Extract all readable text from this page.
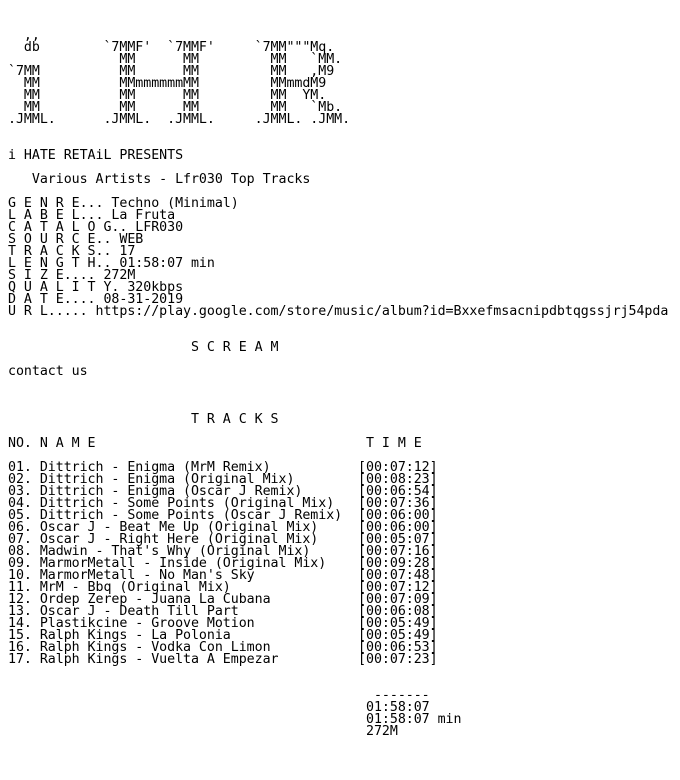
,,
db        `7MMF'  `7MMF'     `7MM"""Mq.
MM      MM         MM   `MM.
`7MM          MM      MM         MM   ,M9
MM          MMmmmmmmMM         MMmmdM9
MM          MM      MM         MM  YM.
MM          MM      MM         MM   `Mb.
.JMML.      .JMML.  .JMML.     .JMML. .JMM.
i HATE RETAiL PRESENTS
Various Artists - Lfr030 Top Tracks
G E N R E... Techno (Minimal)
L A B E L... La Fruta
C A T A L O G.. LFR030
S O U R C E.. WEB
T R A C K S.. 17
L E N G T H.. 01:58:07 min
S I Z E.... 272M
Q U A L I T Y. 320kbps
D A T E.... 08-31-2019
U R L..... https://play.google.com/store/music/album?id=Bxxefmsacnipdbtqgssjrj54pda
S C R E A M
contact us
T R A C K S
NO. N A M E                                  T I M E
01. Dittrich - Enigma (MrM Remix)           [00:07:12]
02. Dittrich - Enigma (Original Mix)        [00:08:23]
03. Dittrich - Enigma (Oscar J Remix)       [00:06:54]
04. Dittrich - Some Points (Original Mix)   [00:07:36]
05. Dittrich - Some Points (Oscar J Remix)  [00:06:00]
06. Oscar J - Beat Me Up (Original Mix)     [00:06:00]
07. Oscar J - Right Here (Original Mix)     [00:05:07]
08. Madwin - That's Why (Original Mix)      [00:07:16]
09. MarmorMetall - Inside (Original Mix)    [00:09:28]
10. MarmorMetall - No Man's Sky             [00:07:48]
11. MrM - Bbq (Original Mix)                [00:07:12]
12. Ordep Zerep - Juana La Cubana           [00:07:09]
13. Oscar J - Death Till Part               [00:06:08]
14. Plastikcine - Groove Motion             [00:05:49]
15. Ralph Kings - La Polonia                [00:05:49]
16. Ralph Kings - Vodka Con Limon           [00:06:53]
17. Ralph Kings - Vuelta A Empezar          [00:07:23]
-------
01:58:07
01:58:07 min
272M
